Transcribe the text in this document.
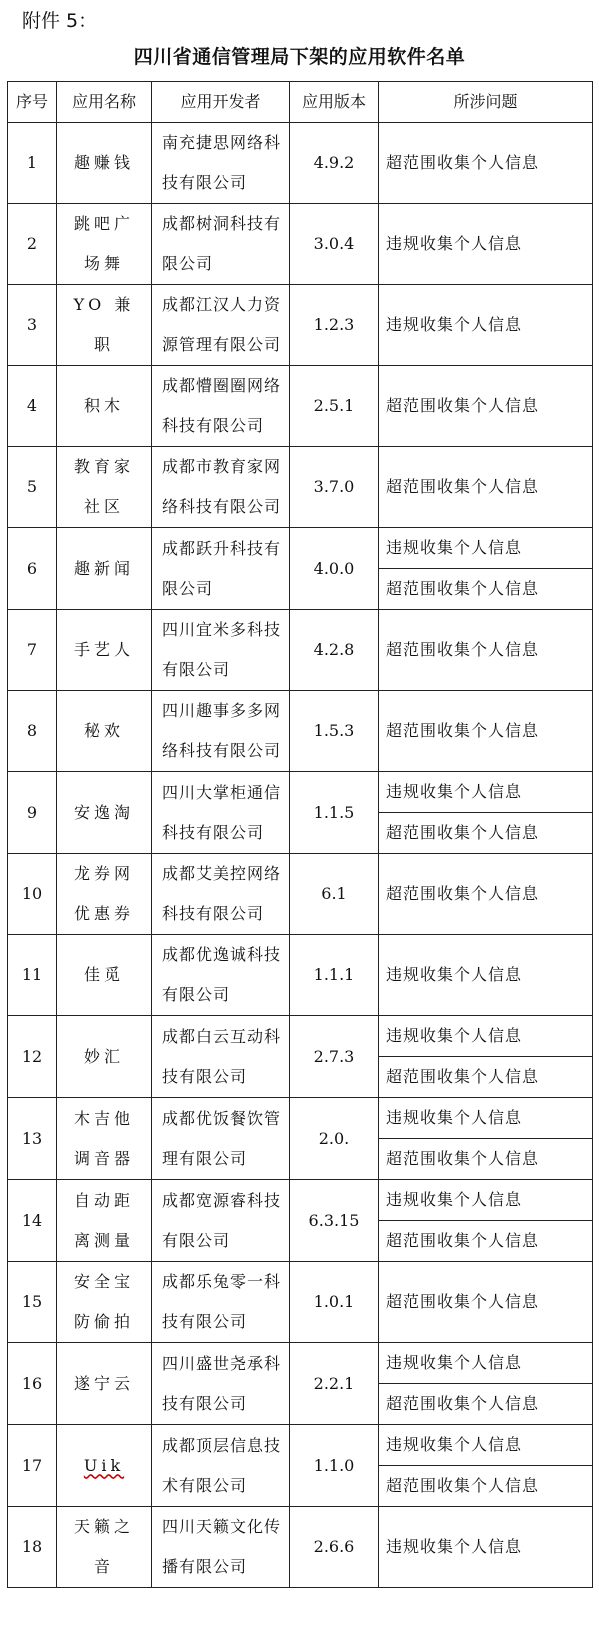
附件 5：
四川省通信管理局下架的应用软件名单
序号	应用名称	应用开发者	应用版本	所涉问题
1	趣赚钱	南充捷思网络科技有限公司	4.9.2	超范围收集个人信息
2	跳吧广场舞	成都树洞科技有限公司	3.0.4	违规收集个人信息
3	YO 兼职	成都江汉人力资源管理有限公司	1.2.3	违规收集个人信息
4	积木	成都懵圈圈网络科技有限公司	2.5.1	超范围收集个人信息
5	教育家社区	成都市教育家网络科技有限公司	3.7.0	超范围收集个人信息
6	趣新闻	成都跃升科技有限公司	4.0.0	违规收集个人信息
				超范围收集个人信息
7	手艺人	四川宜米多科技有限公司	4.2.8	超范围收集个人信息
8	秘欢	四川趣事多多网络科技有限公司	1.5.3	超范围收集个人信息
9	安逸淘	四川大掌柜通信科技有限公司	1.1.5	违规收集个人信息
				超范围收集个人信息
10	龙券网优惠券	成都艾美控网络科技有限公司	6.1	超范围收集个人信息
11	佳觅	成都优逸诚科技有限公司	1.1.1	违规收集个人信息
12	妙汇	成都白云互动科技有限公司	2.7.3	违规收集个人信息
				超范围收集个人信息
13	木吉他调音器	成都优饭餐饮管理有限公司	2.0.	违规收集个人信息
				超范围收集个人信息
14	自动距离测量	成都宽源睿科技有限公司	6.3.15	违规收集个人信息
				超范围收集个人信息
15	安全宝防偷拍	成都乐兔零一科技有限公司	1.0.1	超范围收集个人信息
16	遂宁云	四川盛世尧承科技有限公司	2.2.1	违规收集个人信息
				超范围收集个人信息
17	Uik	成都顶层信息技术有限公司	1.1.0	违规收集个人信息
				超范围收集个人信息
18	天籁之音	四川天籁文化传播有限公司	2.6.6	违规收集个人信息
